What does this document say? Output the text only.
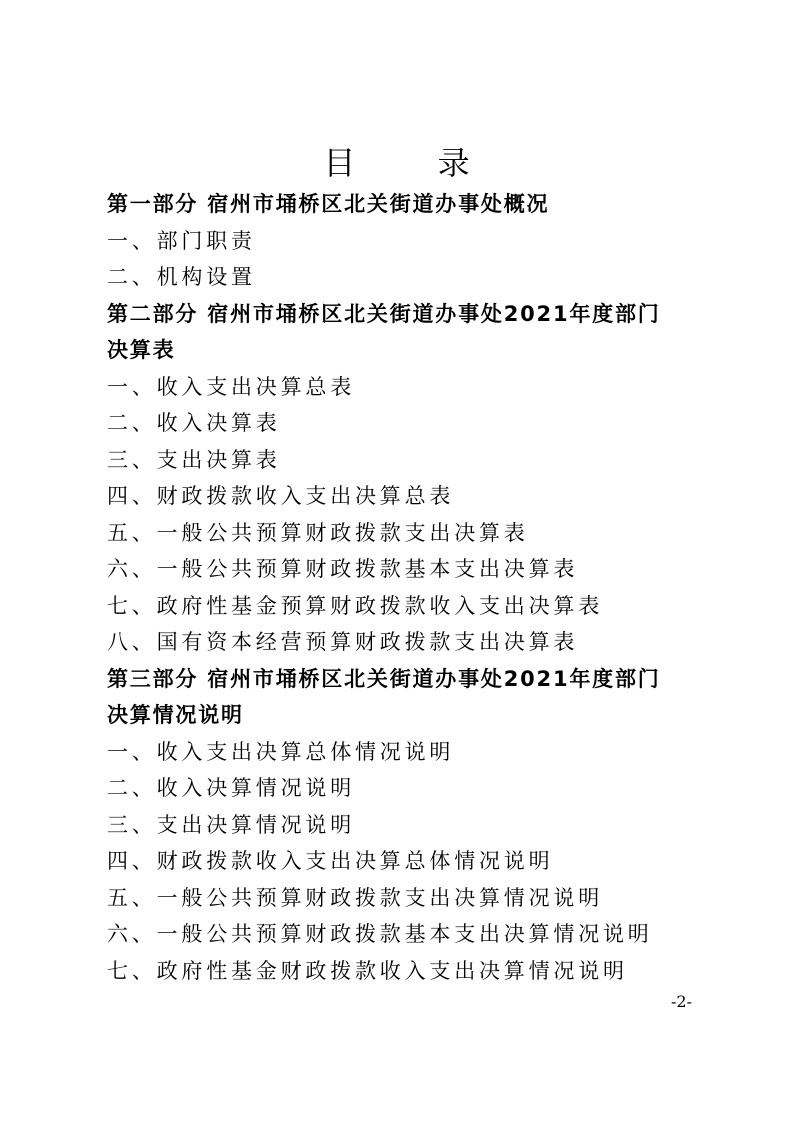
目 录
第一部分 宿州市埇桥区北关街道办事处概况
一、部门职责
二、机构设置
第二部分 宿州市埇桥区北关街道办事处2021年度部门
决算表
一、收入支出决算总表
二、收入决算表
三、支出决算表
四、财政拨款收入支出决算总表
五、一般公共预算财政拨款支出决算表
六、一般公共预算财政拨款基本支出决算表
七、政府性基金预算财政拨款收入支出决算表
八、国有资本经营预算财政拨款支出决算表
第三部分 宿州市埇桥区北关街道办事处2021年度部门
决算情况说明
一、收入支出决算总体情况说明
二、收入决算情况说明
三、支出决算情况说明
四、财政拨款收入支出决算总体情况说明
五、一般公共预算财政拨款支出决算情况说明
六、一般公共预算财政拨款基本支出决算情况说明
七、政府性基金财政拨款收入支出决算情况说明
-2-
